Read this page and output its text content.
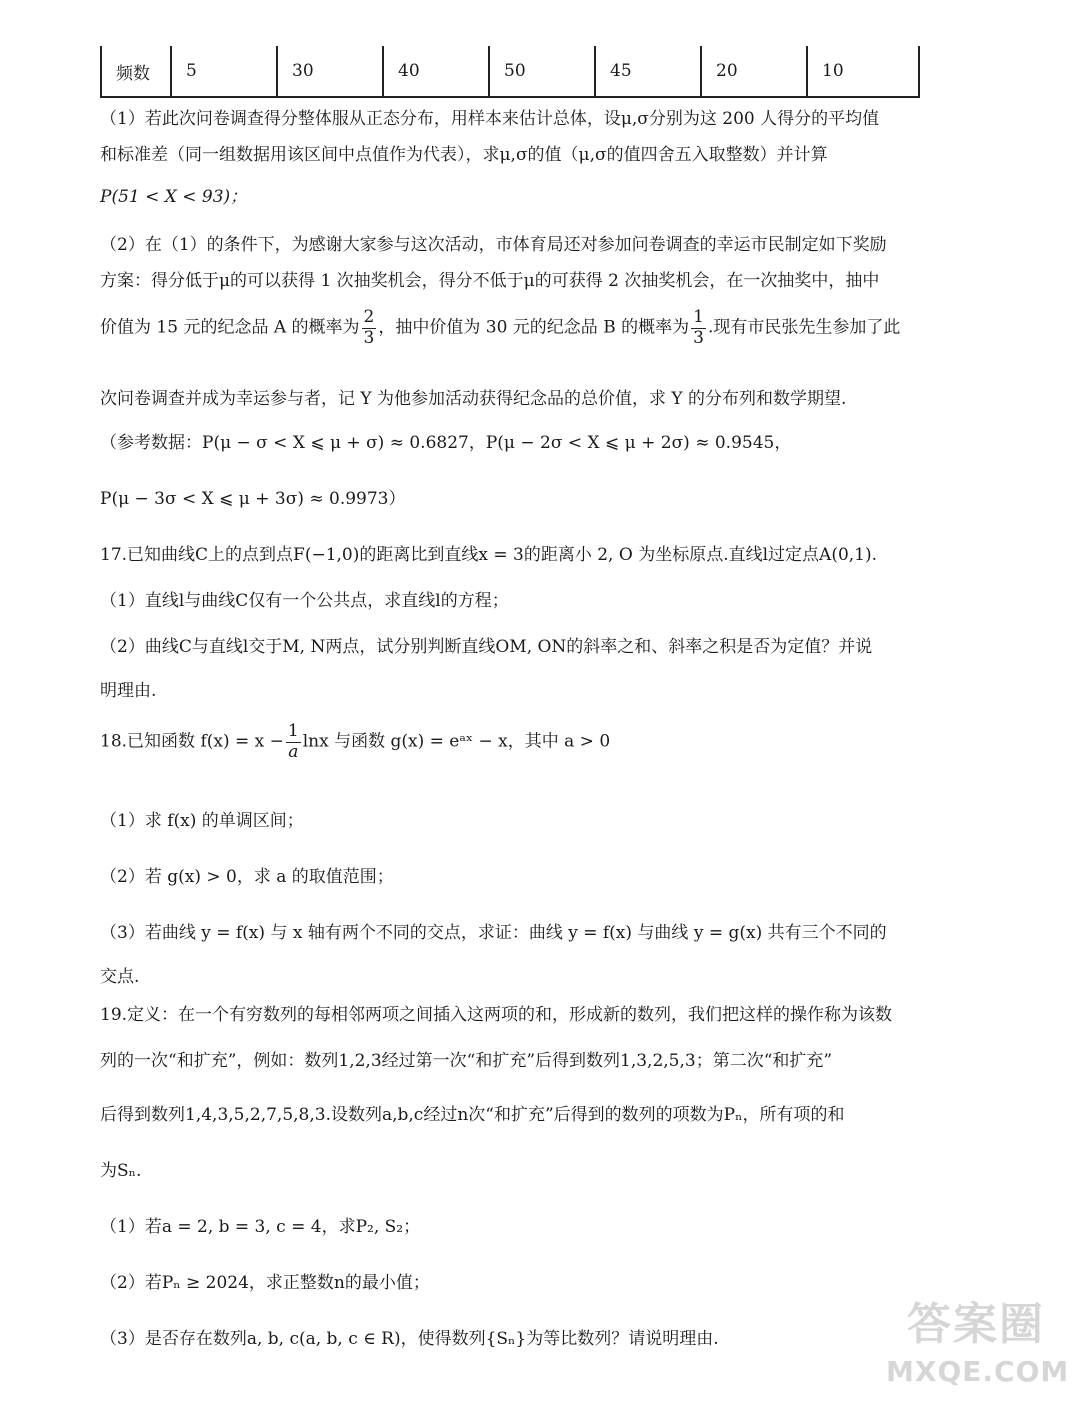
频数	5	30	40	50	45	20	10
（1）若此次问卷调查得分整体服从正态分布，用样本来估计总体，设μ,σ分别为这 200 人得分的平均值
和标准差（同一组数据用该区间中点值作为代表），求μ,σ的值（μ,σ的值四舍五入取整数）并计算
P(51 < X < 93)；
（2）在（1）的条件下，为感谢大家参与这次活动，市体育局还对参加问卷调查的幸运市民制定如下奖励
方案：得分低于μ的可以获得 1 次抽奖机会，得分不低于μ的可获得 2 次抽奖机会，在一次抽奖中，抽中
价值为 15 元的纪念品 A 的概率为 $\frac{2}{3}$ ，抽中价值为 30 元的纪念品 B 的概率为 $\frac{1}{3}$ .现有市民张先生参加了此
次问卷调查并成为幸运参与者，记 Y 为他参加活动获得纪念品的总价值，求 Y 的分布列和数学期望.
（参考数据：P(μ − σ < X ⩽ μ + σ) ≈ 0.6827，P(μ − 2σ < X ⩽ μ + 2σ) ≈ 0.9545，
P(μ − 3σ < X ⩽ μ + 3σ) ≈ 0.9973）
17.已知曲线C上的点到点F(−1,0)的距离比到直线x = 3的距离小 2, O 为坐标原点.直线l过定点A(0,1).
（1）直线l与曲线C仅有一个公共点，求直线l的方程；
（2）曲线C与直线l交于M, N两点，试分别判断直线OM, ON的斜率之和、斜率之积是否为定值？并说
明理由.
18.已知函数 $f(x) = x - \frac{1}{a}$ lnx 与函数 g(x) = eᵃˣ − x，其中 a > 0
（1）求 f(x) 的单调区间；
（2）若 g(x) > 0，求 a 的取值范围；
（3）若曲线 y = f(x) 与 x 轴有两个不同的交点，求证：曲线 y = f(x) 与曲线 y = g(x) 共有三个不同的
交点.
19.定义：在一个有穷数列的每相邻两项之间插入这两项的和，形成新的数列，我们把这样的操作称为该数
列的一次“和扩充”，例如：数列1,2,3经过第一次“和扩充”后得到数列1,3,2,5,3；第二次“和扩充”
后得到数列1,4,3,5,2,7,5,8,3.设数列a,b,c经过n次“和扩充”后得到的数列的项数为Pₙ，所有项的和
为Sₙ.
（1）若a = 2, b = 3, c = 4，求P₂, S₂；
（2）若Pₙ ≥ 2024，求正整数n的最小值；
（3）是否存在数列a, b, c(a, b, c ∈ R)，使得数列{Sₙ}为等比数列？请说明理由.	答案圈
MXQE.COM
